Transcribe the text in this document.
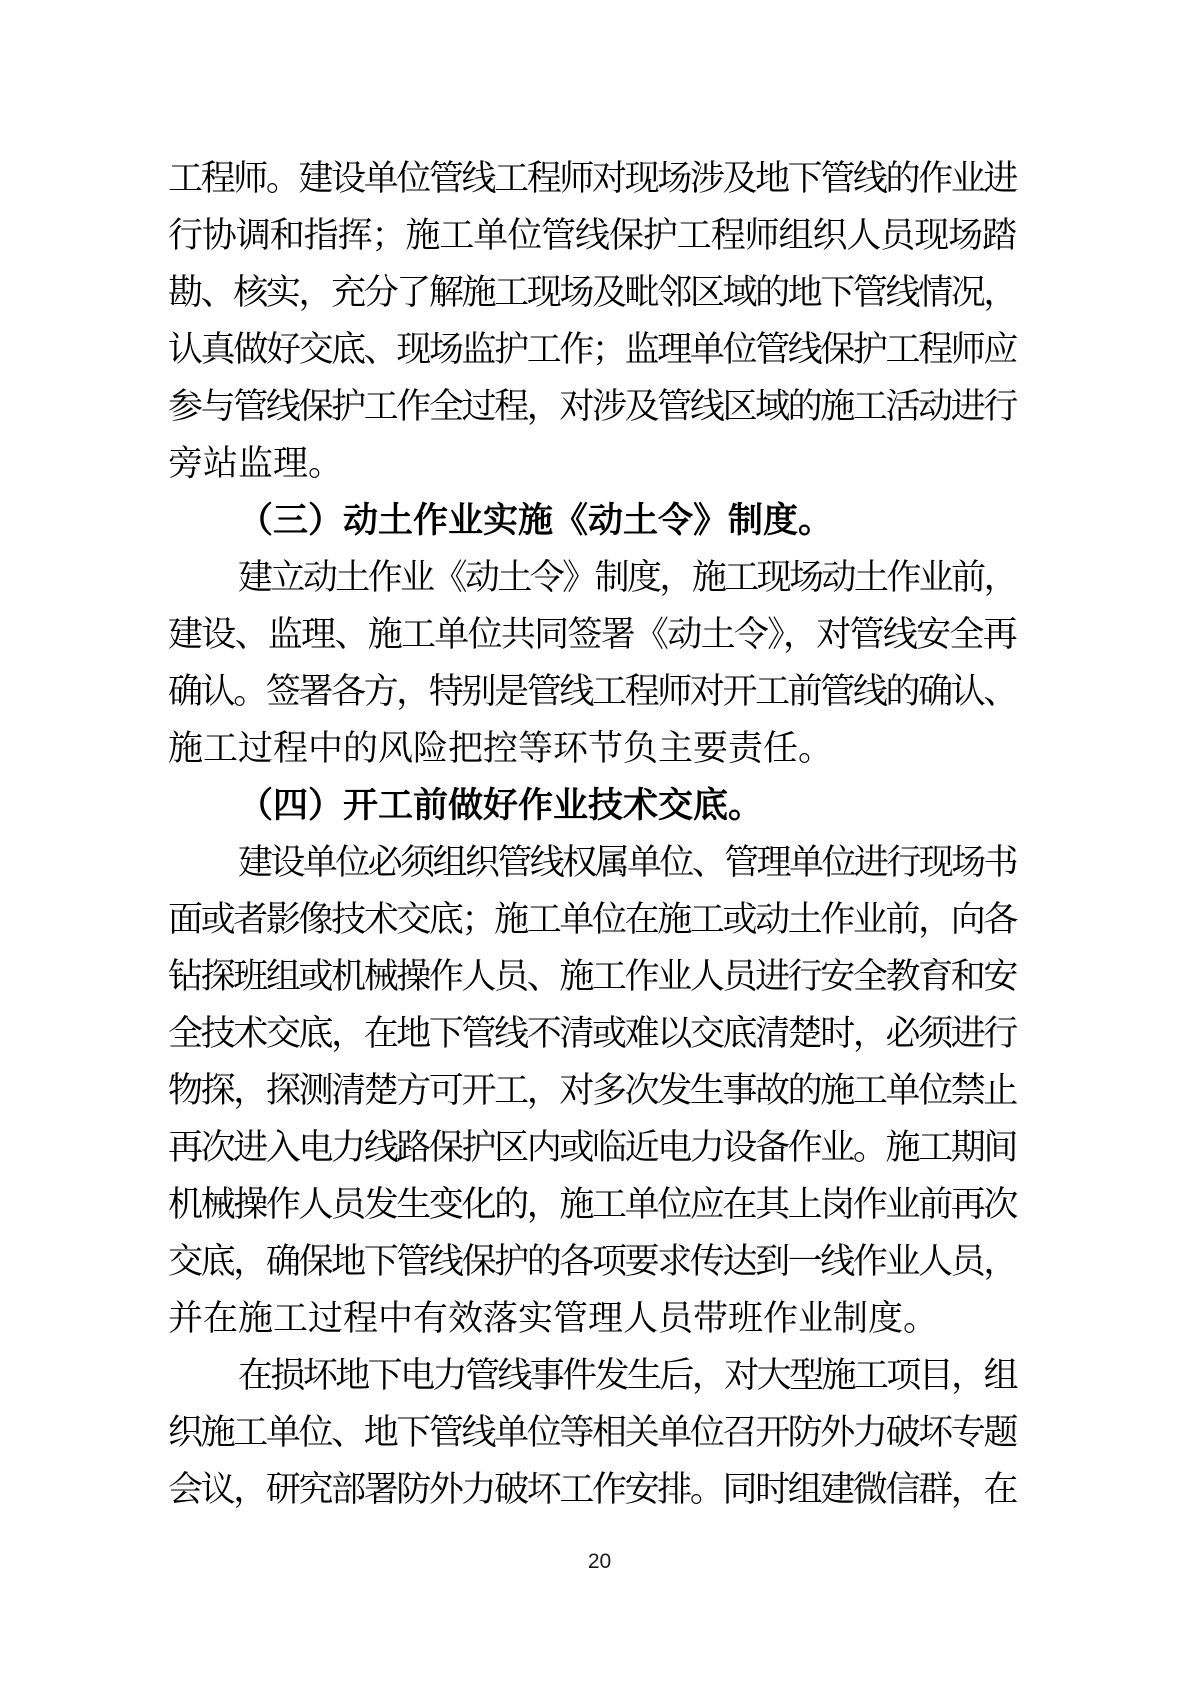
工程师。建设单位管线工程师对现场涉及地下管线的作业进
行协调和指挥；施工单位管线保护工程师组织人员现场踏
勘、核实，充分了解施工现场及毗邻区域的地下管线情况，
认真做好交底、现场监护工作；监理单位管线保护工程师应
参与管线保护工作全过程，对涉及管线区域的施工活动进行
旁站监理。
（三）动土作业实施《动土令》制度。
建立动土作业《动土令》制度，施工现场动土作业前，
建设、监理、施工单位共同签署《动土令》，对管线安全再
确认。签署各方，特别是管线工程师对开工前管线的确认、
施工过程中的风险把控等环节负主要责任。
（四）开工前做好作业技术交底。
建设单位必须组织管线权属单位、管理单位进行现场书
面或者影像技术交底；施工单位在施工或动土作业前，向各
钻探班组或机械操作人员、施工作业人员进行安全教育和安
全技术交底，在地下管线不清或难以交底清楚时，必须进行
物探，探测清楚方可开工，对多次发生事故的施工单位禁止
再次进入电力线路保护区内或临近电力设备作业。施工期间
机械操作人员发生变化的，施工单位应在其上岗作业前再次
交底，确保地下管线保护的各项要求传达到一线作业人员，
并在施工过程中有效落实管理人员带班作业制度。
在损坏地下电力管线事件发生后，对大型施工项目，组
织施工单位、地下管线单位等相关单位召开防外力破坏专题
会议，研究部署防外力破坏工作安排。同时组建微信群，在
20
